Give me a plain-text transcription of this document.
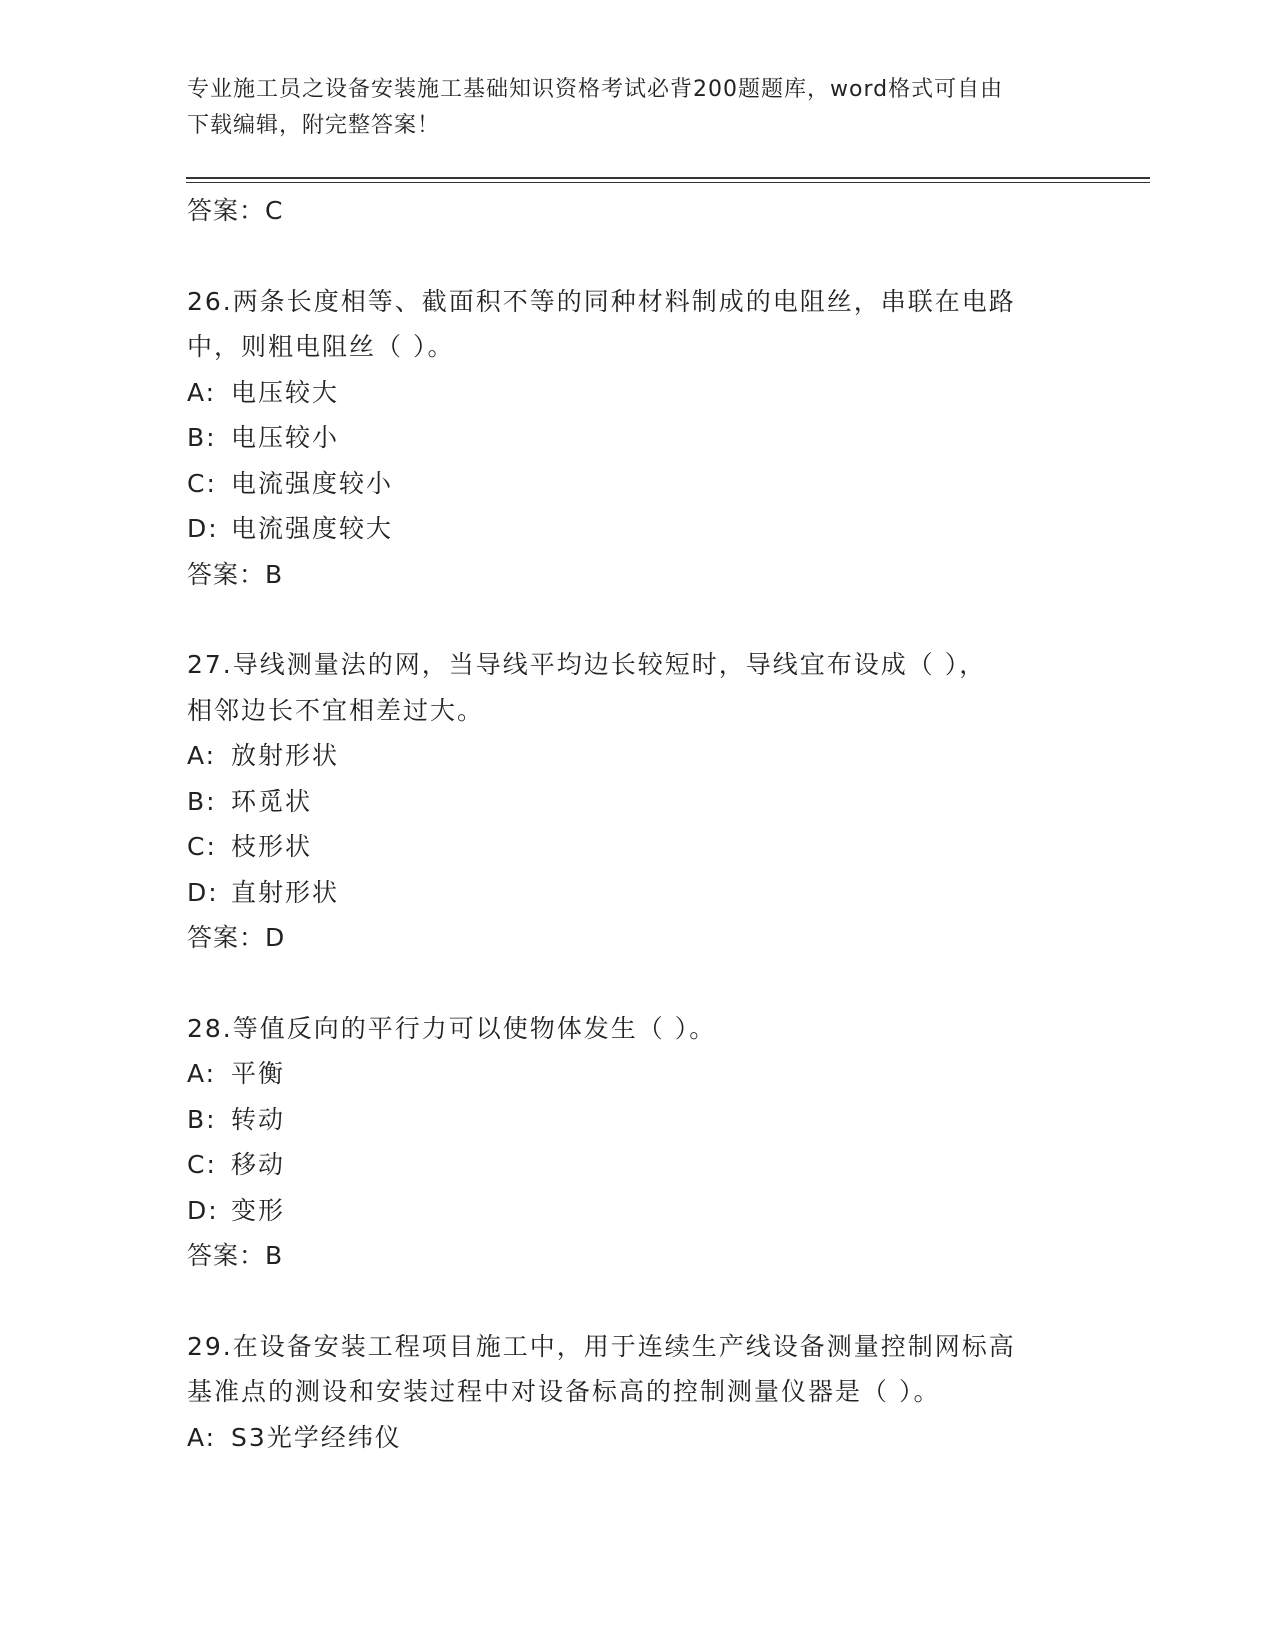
专业施工员之设备安装施工基础知识资格考试必背200题题库，word格式可自由
下载编辑，附完整答案！
答案：C
26.两条长度相等、截面积不等的同种材料制成的电阻丝，串联在电路
中，则粗电阻丝（ ）。
A: 电压较大
B: 电压较小
C: 电流强度较小
D: 电流强度较大
答案：B
27.导线测量法的网，当导线平均边长较短时，导线宜布设成（ ），
相邻边长不宜相差过大。
A: 放射形状
B: 环觅状
C: 枝形状
D: 直射形状
答案：D
28.等值反向的平行力可以使物体发生（ ）。
A: 平衡
B: 转动
C: 移动
D: 变形
答案：B
29.在设备安装工程项目施工中，用于连续生产线设备测量控制网标高
基准点的测设和安装过程中对设备标高的控制测量仪器是（ ）。
A: S3光学经纬仪
